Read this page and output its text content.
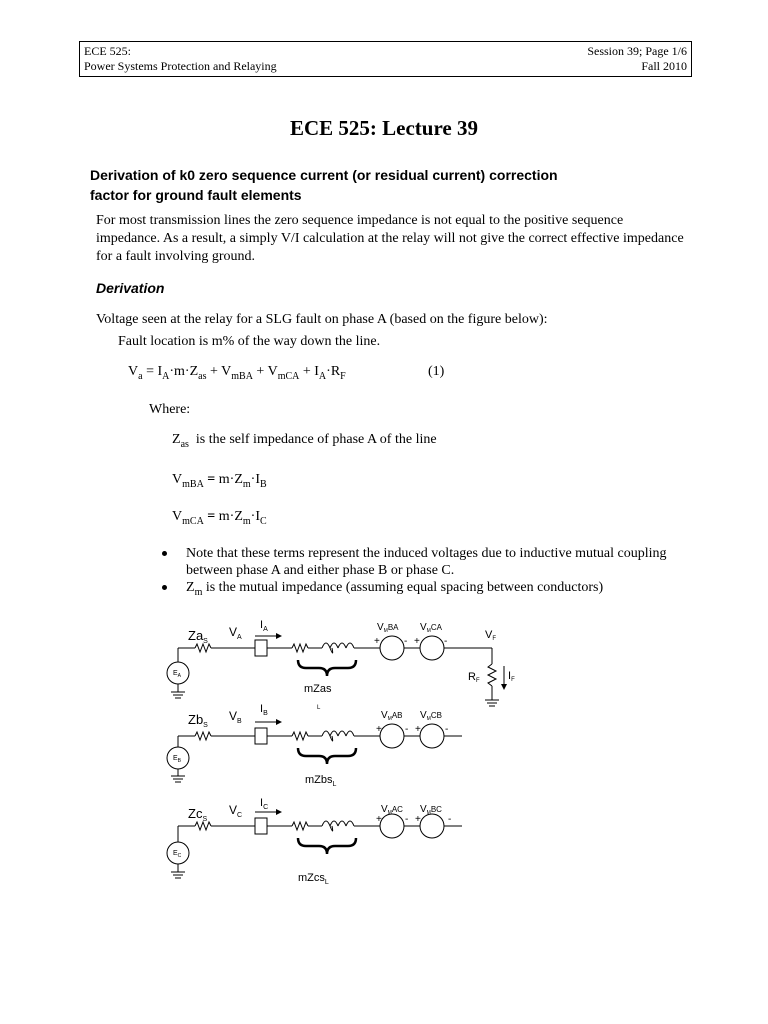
ECE 525:
Power Systems Protection and Relaying
Session 39; Page 1/6
Fall 2010
ECE 525: Lecture 39
Derivation of k0 zero sequence current (or residual current) correction
factor for ground fault elements
For most transmission lines the zero sequence impedance is not equal to the positive sequence impedance. As a result, a simply V/I calculation at the relay will not give the correct effective impedance for a fault involving ground.
Derivation
Voltage seen at the relay for a SLG fault on phase A (based on the figure below):
Fault location is m% of the way down the line.
$V_a = I_A\cdot m\cdot Z_{as} + V_{mBA} + V_{mCA} + I_A\cdot R_F$	(1)
Where:
$Z_{as}$ is the self impedance of phase A of the line
$V_{mBA} = m\cdot Z_m\cdot I_B$
$V_{mCA} = m\cdot Z_m\cdot I_C$
Note that these terms represent the induced voltages due to inductive mutual coupling between phase A and either phase B or phase C.
$Z_m$ is the mutual impedance (assuming equal spacing between conductors)
$Za_S$
$V_A$
$I_A$
$E_A$
$V_M^{BA}$ $V_M^{CA}$
+ - + -
VF
RF	IF
mZas
L
$Zb_S$
$V_B$
$I_B$
$E_B$
$V_M^{AB}$ $V_M^{CB}$
+ - + -
mZbs$_L$
$Zc_S$
$V_C$
$I_C$
$E_C$
$V_M^{AC}$ $V_M^{BC}$
+ - +	-
mZcs$_L$
